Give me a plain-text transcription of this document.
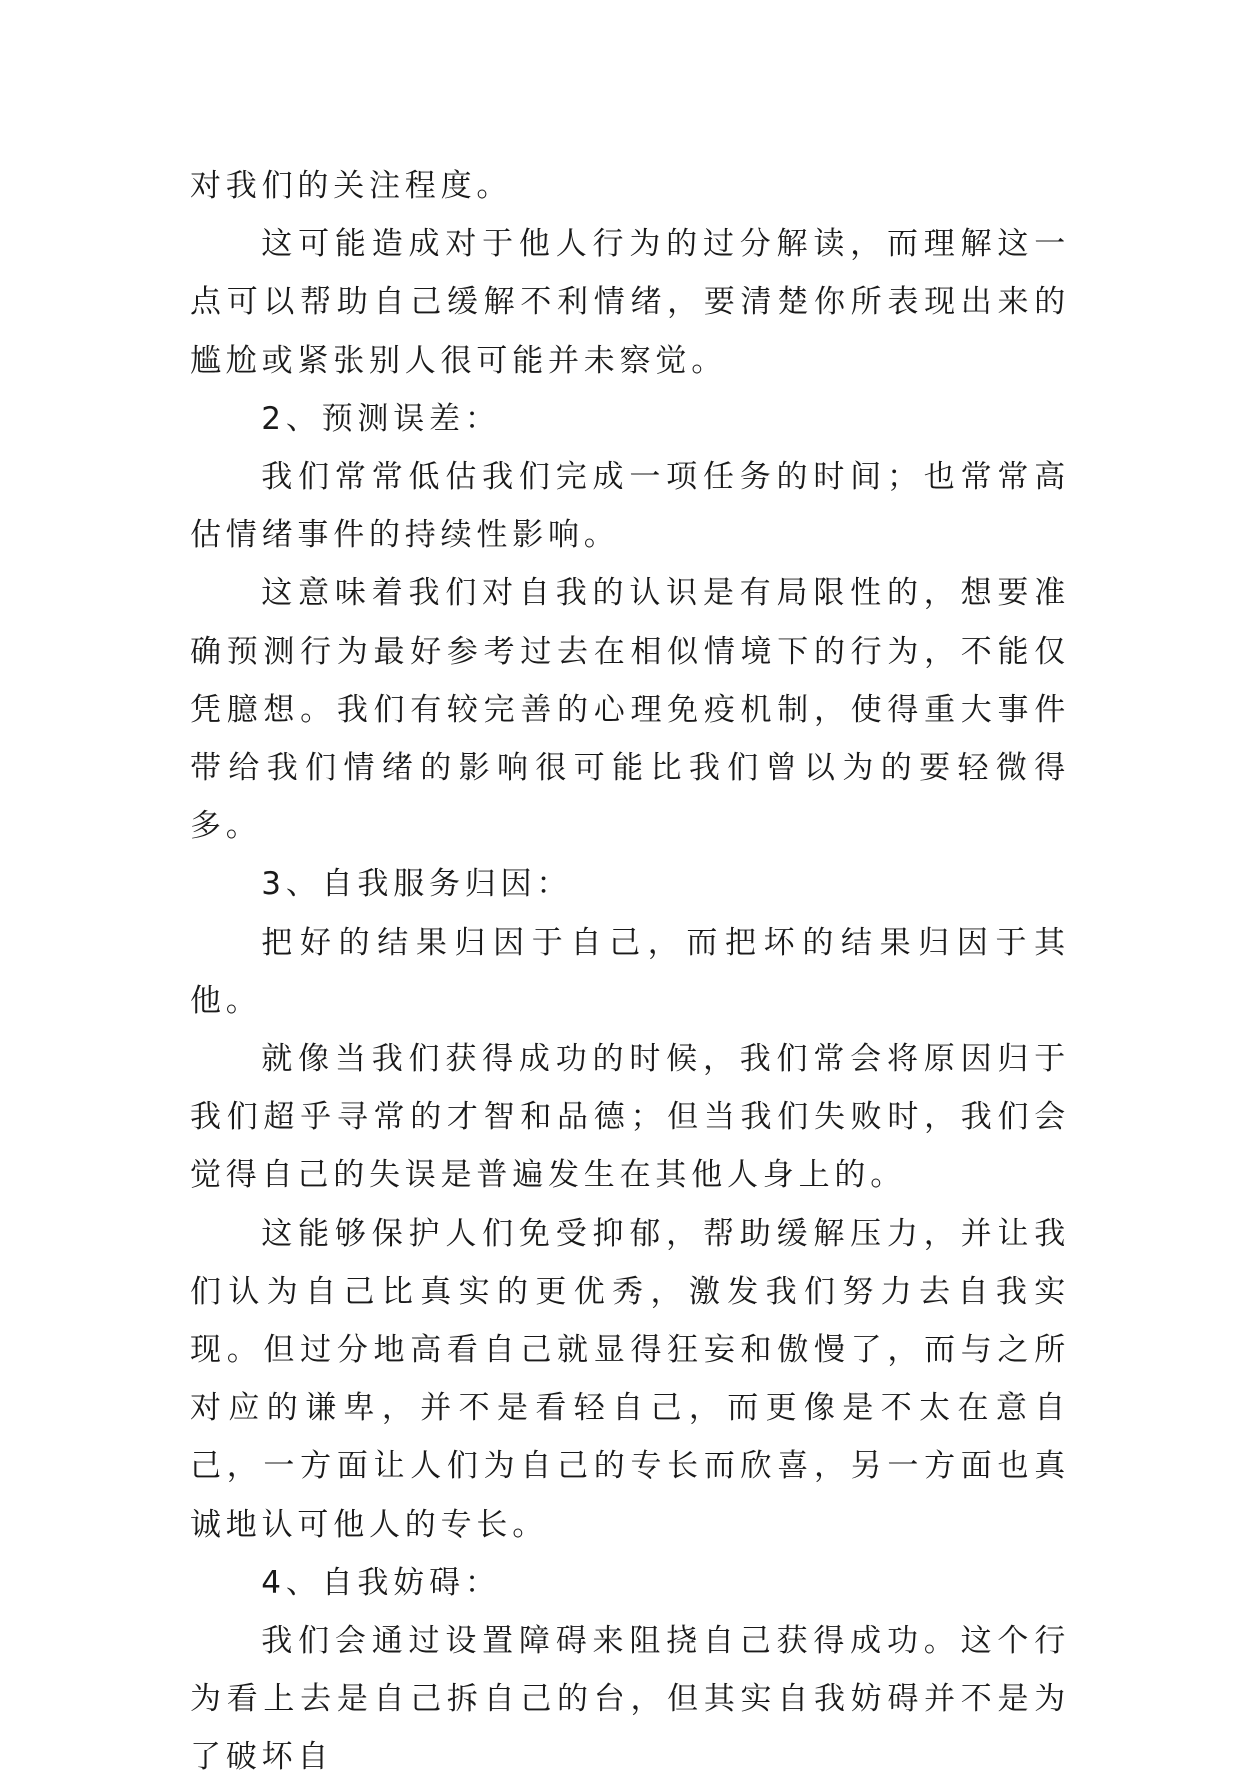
对我们的关注程度。

这可能造成对于他人行为的过分解读，而理解这一点可以帮助自己缓解不利情绪，要清楚你所表现出来的尴尬或紧张别人很可能并未察觉。

2、预测误差：

我们常常低估我们完成一项任务的时间；也常常高估情绪事件的持续性影响。

这意味着我们对自我的认识是有局限性的，想要准确预测行为最好参考过去在相似情境下的行为，不能仅凭臆想。我们有较完善的心理免疫机制，使得重大事件带给我们情绪的影响很可能比我们曾以为的要轻微得多。

3、自我服务归因：

把好的结果归因于自己，而把坏的结果归因于其他。

就像当我们获得成功的时候，我们常会将原因归于我们超乎寻常的才智和品德；但当我们失败时，我们会觉得自己的失误是普遍发生在其他人身上的。

这能够保护人们免受抑郁，帮助缓解压力，并让我们认为自己比真实的更优秀，激发我们努力去自我实现。但过分地高看自己就显得狂妄和傲慢了，而与之所对应的谦卑，并不是看轻自己，而更像是不太在意自己，一方面让人们为自己的专长而欣喜，另一方面也真诚地认可他人的专长。

4、自我妨碍：

我们会通过设置障碍来阻挠自己获得成功。这个行为看上去是自己拆自己的台，但其实自我妨碍并不是为了破坏自
